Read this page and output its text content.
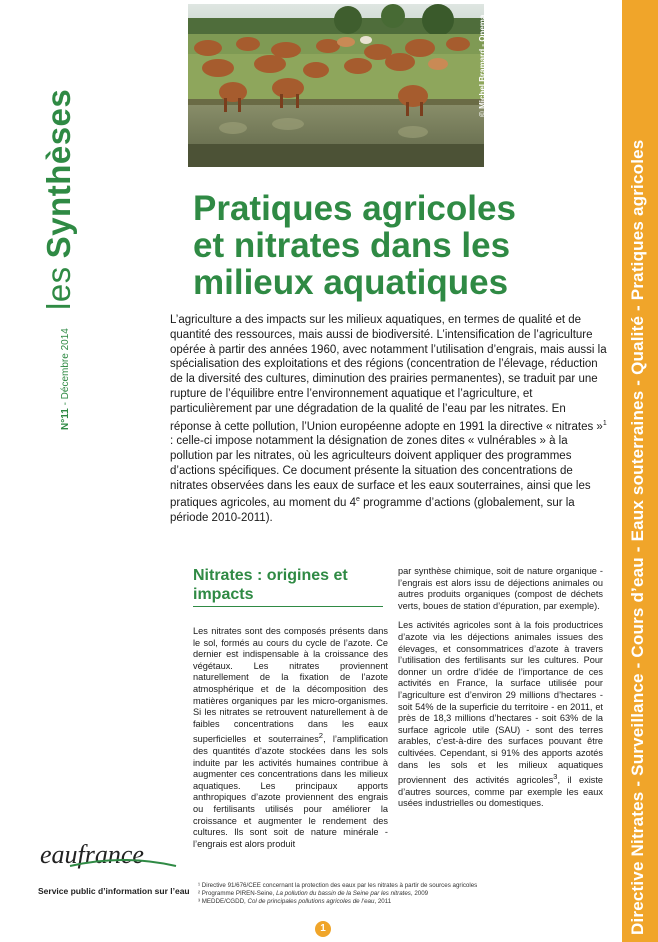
lesSynthèses
N°11 - Décembre 2014
© Michel Bramard - Onema
Directive Nitrates - Surveillance - Cours d’eau - Eaux souterraines - Qualité - Pratiques agricoles
Pratiques agricoles
et nitrates dans les
milieux aquatiques

L’agriculture a des impacts sur les milieux aquatiques, en termes de qualité et de quantité des ressources, mais aussi de biodiversité. L’intensification de l’agriculture opérée à partir des années 1960, avec notamment l’utilisation d’engrais, mais aussi la spécialisation des exploitations et des régions (concentration de l’élevage, réduction de la diversité des cultures, diminution des prairies permanentes), se traduit par une rupture de l’équilibre entre l’environnement aquatique et l’agriculture, et particulièrement par une dégradation de la qualité de l’eau par les nitrates. En réponse à cette pollution, l’Union européenne adopte en 1991 la directive « nitrates »$^1$ : celle-ci impose notamment la désignation de zones dites « vulnérables » à la pollution par les nitrates, où les agriculteurs doivent appliquer des programmes d’actions spécifiques. Ce document présente la situation des concentrations de nitrates observées dans les eaux de surface et les eaux souterraines, ainsi que les pratiques agricoles, au moment du 4e programme d’actions (globalement, sur la période 2010-2011).

Nitrates : origines et impacts

Les nitrates sont des composés présents dans le sol, formés au cours du cycle de l’azote. Ce dernier est indispensable à la croissance des végétaux. Les nitrates proviennent naturellement de la fixation de l’azote atmosphérique et de la décomposition des matières organiques par les micro-organismes. Si les nitrates se retrouvent naturellement à de faibles concentrations dans les eaux superficielles et souterraines$^2$, l’amplification des quantités d’azote stockées dans les sols induite par les activités humaines contribue à augmenter ces concentrations dans les milieux aquatiques. Les principaux apports anthropiques d’azote proviennent des engrais ou fertilisants utilisés pour améliorer la croissance et augmenter le rendement des cultures. Ils sont soit de nature minérale - l’engrais est alors produit

par synthèse chimique, soit de nature organique - l’engrais est alors issu de déjections animales ou autres produits organiques (compost de déchets verts, boues de station d’épuration, par exemple).

Les activités agricoles sont à la fois productrices d’azote via les déjections animales issues des élevages, et consommatrices d’azote à travers l’utilisation des fertilisants sur les cultures. Pour donner un ordre d’idée de l’importance de ces activités en France, la surface utilisée pour l’agriculture est d’environ 29 millions d’hectares - soit 54% de la superficie du territoire - en 2011, et près de 18,3 millions d’hectares - soit 63% de la surface agricole utile (SAU) - sont des terres arables, c’est-à-dire des surfaces pouvant être cultivées. Cependant, si 91% des apports azotés dans les sols et les milieux aquatiques proviennent des activités agricoles$^3$, il existe d’autres sources, comme par exemple les eaux usées industrielles ou domestiques.

eaufrance
Service public d’information sur l’eau
¹ Directive 91/676/CEE concernant la protection des eaux par les nitrates à partir de sources agricoles
² Programme PIREN-Seine, La pollution du bassin de la Seine par les nitrates, 2009
³ MEDDE/CGDD, Col de principales pollutions agricoles de l’eau, 2011
1
